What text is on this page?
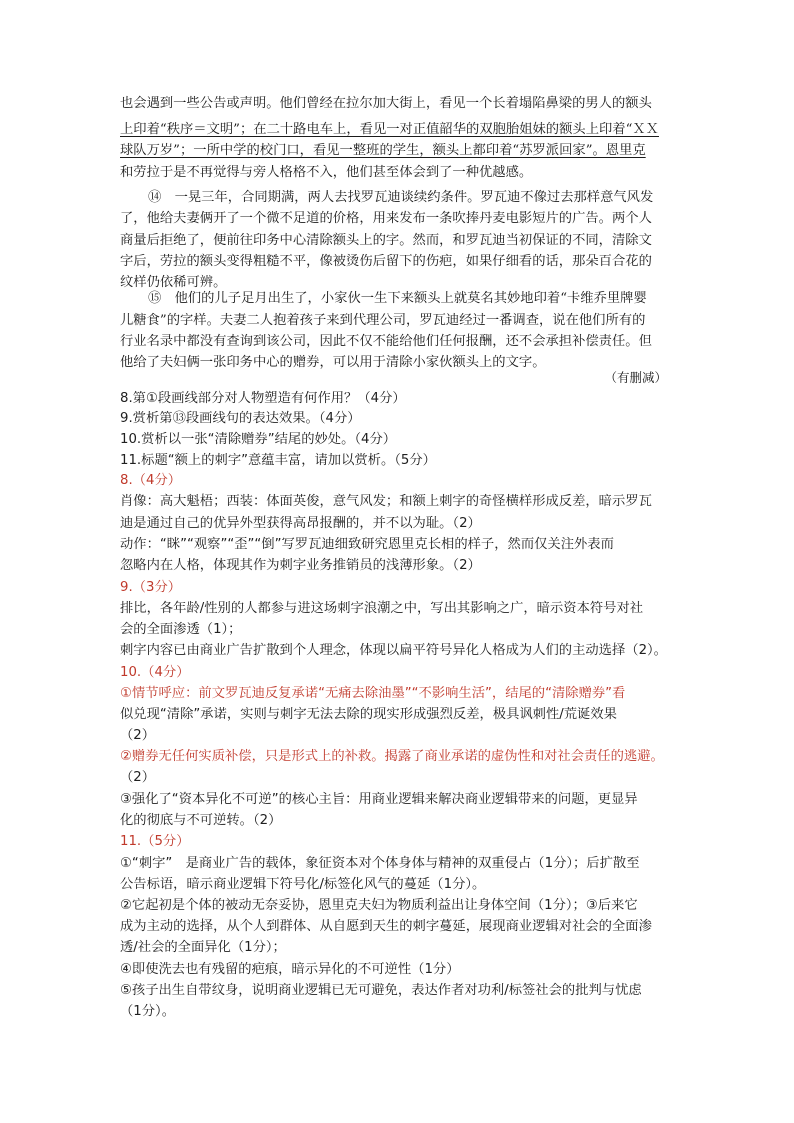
也会遇到一些公告或声明。他们曾经在拉尔加大街上，看见一个长着塌陷鼻梁的男人的额头
上印着“秩序＝文明”；在二十路电车上，看见一对正值韶华的双胞胎姐妹的额头上印着“ＸＸ
球队万岁”；一所中学的校门口，看见一整班的学生，额头上都印着“苏罗派回家”。恩里克
和劳拉于是不再觉得与旁人格格不入，他们甚至体会到了一种优越感。
⑭　一晃三年，合同期满，两人去找罗瓦迪谈续约条件。罗瓦迪不像过去那样意气风发
了，他给夫妻俩开了一个微不足道的价格，用来发布一条吹捧丹麦电影短片的广告。两个人
商量后拒绝了，便前往印务中心清除额头上的字。然而，和罗瓦迪当初保证的不同，清除文
字后，劳拉的额头变得粗糙不平，像被烫伤后留下的伤疤，如果仔细看的话，那朵百合花的
纹样仍依稀可辨。
⑮　他们的儿子足月出生了，小家伙一生下来额头上就莫名其妙地印着“卡维乔里牌婴
儿糖食”的字样。夫妻二人抱着孩子来到代理公司，罗瓦迪经过一番调查，说在他们所有的
行业名录中都没有查询到该公司，因此不仅不能给他们任何报酬，还不会承担补偿责任。但
他给了夫妇俩一张印务中心的赠券，可以用于清除小家伙额头上的文字。
（有删减）
8.第①段画线部分对人物塑造有何作用？（4分）
9.赏析第⑬段画线句的表达效果。（4分）
10.赏析以一张“清除赠券”结尾的妙处。（4分）
11.标题“额上的刺字”意蕴丰富，请加以赏析。（5分）
8.（4分）
肖像：高大魁梧；西装：体面英俊，意气风发；和额上刺字的奇怪横样形成反差，暗示罗瓦
迪是通过自己的优异外型获得高昂报酬的，并不以为耻。（2）
动作：“眯”“观察”“歪”“倒”写罗瓦迪细致研究恩里克长相的样子，然而仅关注外表而
忽略内在人格，体现其作为刺字业务推销员的浅薄形象。（2）
9.（3分）
排比，各年龄/性别的人都参与进这场刺字浪潮之中，写出其影响之广，暗示资本符号对社
会的全面渗透（1）；
刺字内容已由商业广告扩散到个人理念，体现以扁平符号异化人格成为人们的主动选择（2）。
10.（4分）
①情节呼应：前文罗瓦迪反复承诺“无痛去除油墨”“不影响生活”，结尾的“清除赠券”看
似兑现“清除”承诺，实则与刺字无法去除的现实形成强烈反差，极具讽刺性/荒诞效果
（2）
②赠券无任何实质补偿，只是形式上的补救。揭露了商业承诺的虚伪性和对社会责任的逃避。
（2）
③强化了“资本异化不可逆”的核心主旨：用商业逻辑来解决商业逻辑带来的问题，更显异
化的彻底与不可逆转。（2）
11.（5分）
①“刺字”　是商业广告的载体，象征资本对个体身体与精神的双重侵占（1分）；后扩散至
公告标语，暗示商业逻辑下符号化/标签化风气的蔓延（1分）。
②它起初是个体的被动无奈妥协，恩里克夫妇为物质利益出让身体空间（1分）；③后来它
成为主动的选择，从个人到群体、从自愿到天生的刺字蔓延，展现商业逻辑对社会的全面渗
透/社会的全面异化（1分）；
④即使洗去也有残留的疤痕，暗示异化的不可逆性（1分）
⑤孩子出生自带纹身，说明商业逻辑已无可避免，表达作者对功利/标签社会的批判与忧虑
（1分）。
